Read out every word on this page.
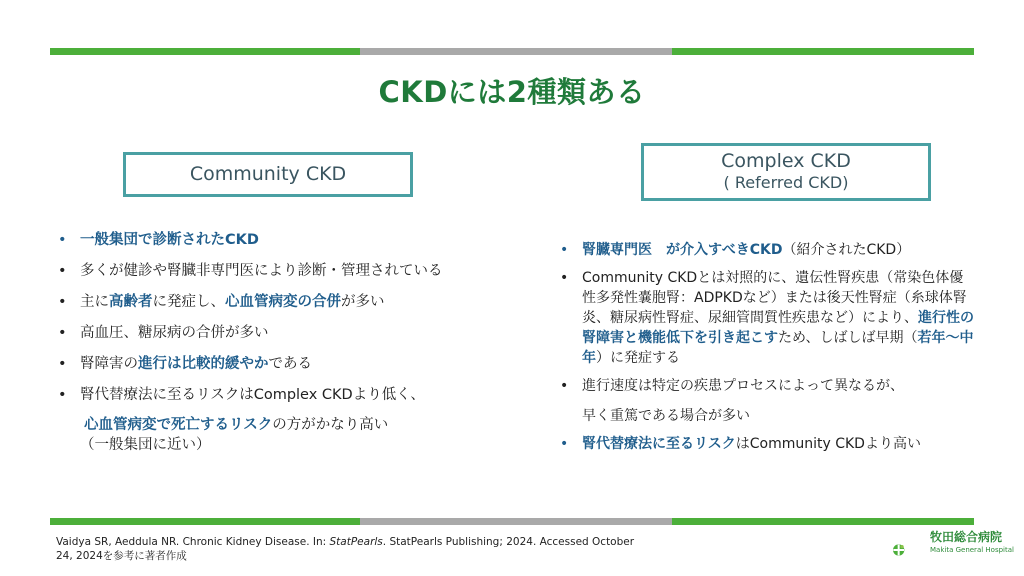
CKDには2種類ある
Community CKD
Complex CKD
( Referred CKD)
• 一般集団で診断されたCKD
• 多くが健診や腎臓非専門医により診断・管理されている
• 主に高齢者に発症し、心血管病変の合併が多い
• 高血圧、糖尿病の合併が多い
• 腎障害の進行は比較的緩やかである
• 腎代替療法に至るリスクはComplex CKDより低く、
心血管病変で死亡するリスクの方がかなり高い
（一般集団に近い）
• 腎臓専門医　が介入すべきCKD（紹介されたCKD）
• Community CKDとは対照的に、遺伝性腎疾患（常染色体優性多発性嚢胞腎：ADPKDなど）または後天性腎症（糸球体腎炎、糖尿病性腎症、尿細管間質性疾患など）により、進行性の腎障害と機能低下を引き起こすため、しばしば早期（若年〜中年）に発症する
• 進行速度は特定の疾患プロセスによって異なるが、
早く重篤である場合が多い
• 腎代替療法に至るリスクはCommunity CKDより高い
Vaidya SR, Aeddula NR. Chronic Kidney Disease. In: StatPearls. StatPearls Publishing; 2024. Accessed October 24, 2024を参考に著者作成
牧田総合病院
Makita General Hospital
